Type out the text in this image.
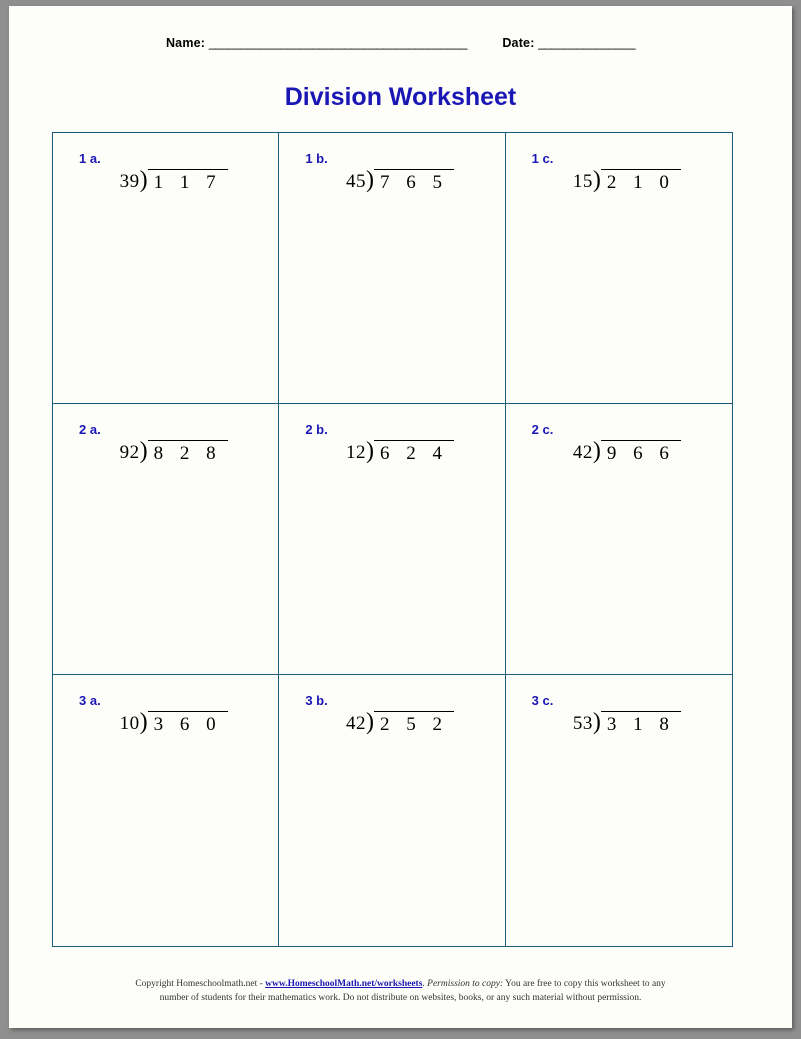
Name: ________________________________________	Date: _______________
Division Worksheet
1 a.
39 ) 1 1 7
1 b.
45 ) 7 6 5
1 c.
15 ) 2 1 0
2 a.
92 ) 8 2 8
2 b.
12 ) 6 2 4
2 c.
42 ) 9 6 6
3 a.
10 ) 3 6 0
3 b.
42 ) 2 5 2
3 c.
53 ) 3 1 8
Copyright Homeschoolmath.net - www.HomeschoolMath.net/worksheets. Permission to copy: You are free to copy this worksheet to any
number of students for their mathematics work. Do not distribute on websites, books, or any such material without permission.
